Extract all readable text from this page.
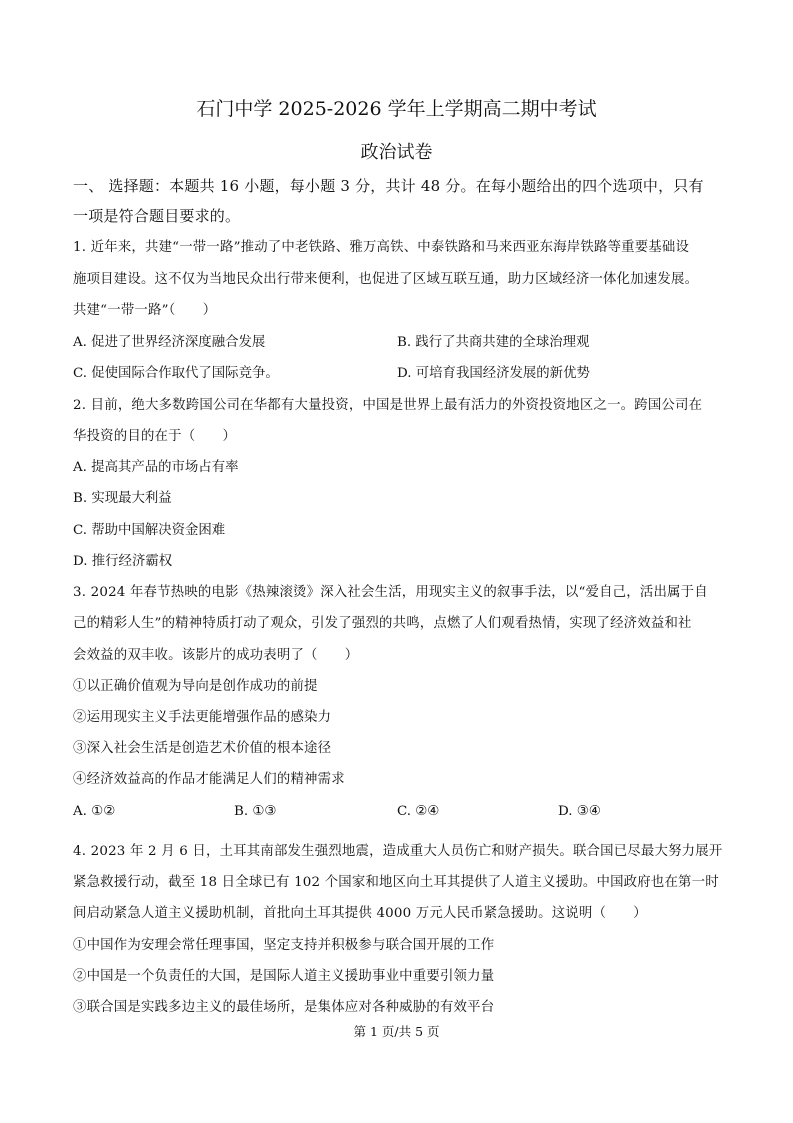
石门中学 2025-2026 学年上学期高二期中考试
政治试卷
一、 选择题：本题共 16 小题，每小题 3 分，共计 48 分。在每小题给出的四个选项中，只有
一项是符合题目要求的。
1. 近年来，共建“一带一路”推动了中老铁路、雅万高铁、中泰铁路和马来西亚东海岸铁路等重要基础设
施项目建设。这不仅为当地民众出行带来便利，也促进了区域互联互通，助力区域经济一体化加速发展。
共建“一带一路”（　　）
A. 促进了世界经济深度融合发展	B. 践行了共商共建的全球治理观
C. 促使国际合作取代了国际竞争。	D. 可培育我国经济发展的新优势
2. 目前，绝大多数跨国公司在华都有大量投资，中国是世界上最有活力的外资投资地区之一。跨国公司在
华投资的目的在于（　　）
A. 提高其产品的市场占有率
B. 实现最大利益
C. 帮助中国解决资金困难
D. 推行经济霸权
3. 2024 年春节热映的电影《热辣滚烫》深入社会生活，用现实主义的叙事手法，以“爱自己，活出属于自
己的精彩人生”的精神特质打动了观众，引发了强烈的共鸣，点燃了人们观看热情，实现了经济效益和社
会效益的双丰收。该影片的成功表明了（　　）
①以正确价值观为导向是创作成功的前提
②运用现实主义手法更能增强作品的感染力
③深入社会生活是创造艺术价值的根本途径
④经济效益高的作品才能满足人们的精神需求
A. ①②	B. ①③	C. ②④	D. ③④
4. 2023 年 2 月 6 日，土耳其南部发生强烈地震，造成重大人员伤亡和财产损失。联合国已尽最大努力展开
紧急救援行动，截至 18 日全球已有 102 个国家和地区向土耳其提供了人道主义援助。中国政府也在第一时
间启动紧急人道主义援助机制，首批向土耳其提供 4000 万元人民币紧急援助。这说明（　　）
①中国作为安理会常任理事国，坚定支持并积极参与联合国开展的工作
②中国是一个负责任的大国，是国际人道主义援助事业中重要引领力量
③联合国是实践多边主义的最佳场所，是集体应对各种威胁的有效平台
第 1 页/共 5 页
